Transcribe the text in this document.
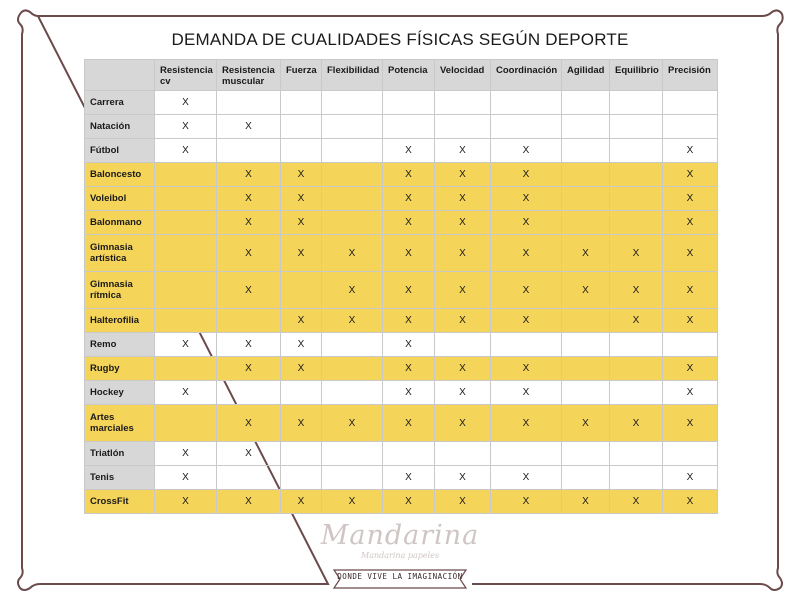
DEMANDA DE CUALIDADES FÍSICAS SEGÚN DEPORTE
	Resistencia cv	Resistencia muscular	Fuerza	Flexibilidad	Potencia	Velocidad	Coordinación	Agilidad	Equilibrio	Precisión
Carrera	X									
Natación	X	X								
Fútbol	X				X	X	X			X
Baloncesto		X	X		X	X	X			X
Voleibol		X	X		X	X	X			X
Balonmano		X	X		X	X	X			X
Gimnasia artística		X	X	X	X	X	X	X	X	X
Gimnasia rítmica		X		X	X	X	X	X	X	X
Halterofilia			X	X	X	X	X		X	X
Remo	X	X	X		X					
Rugby		X	X		X	X	X			X
Hockey	X				X	X	X			X
Artes marciales		X	X	X	X	X	X	X	X	X
Triatlón	X	X								
Tenis	X				X	X	X			X
CrossFit	X	X	X	X	X	X	X	X	X	X
Mandarina
Mandarina papeles
DONDE VIVE LA IMAGINACIÓN
